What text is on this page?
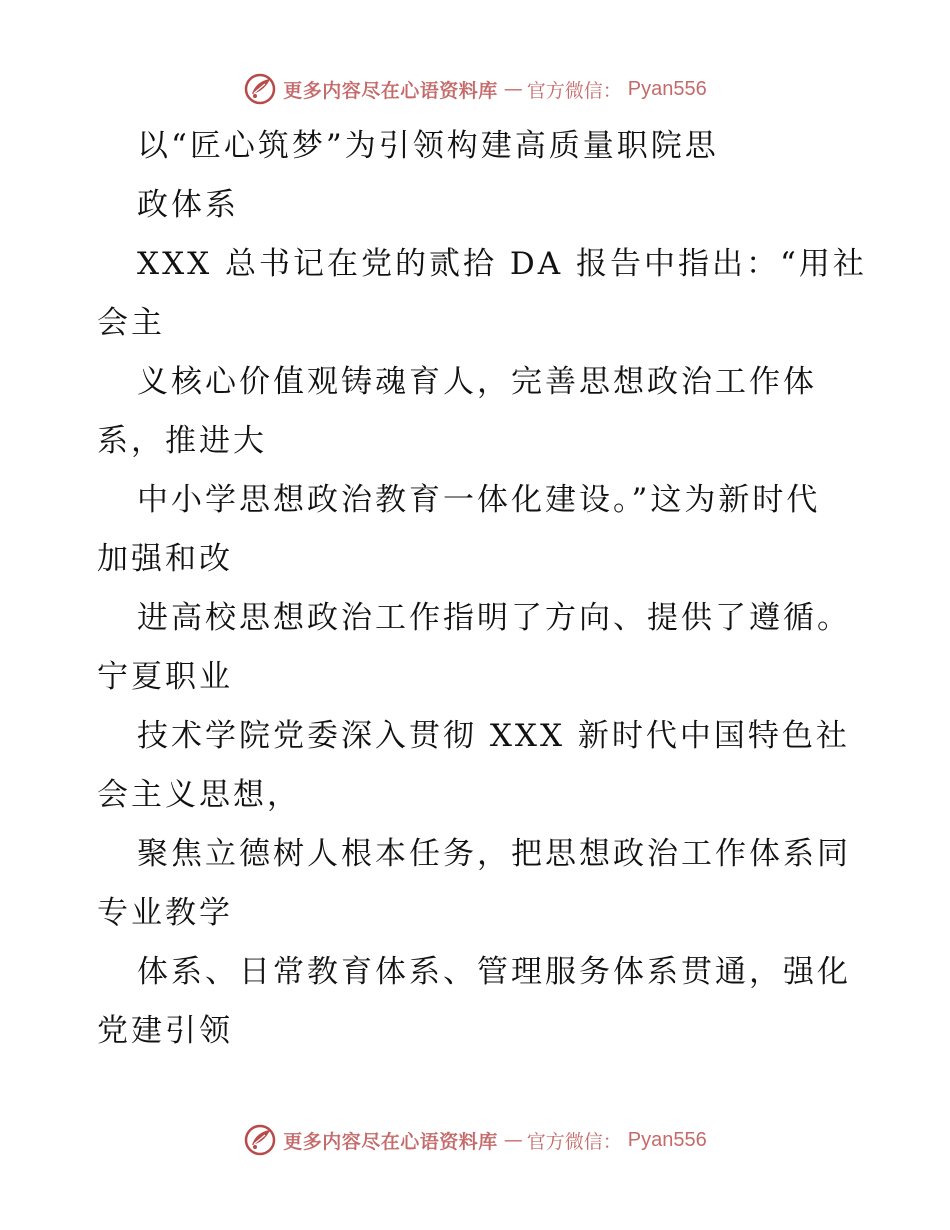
更多内容尽在心语资料库 — 官方微信： Pyan556
以“匠心筑梦”为引领构建高质量职院思
政体系
XXX 总书记在党的贰拾 DA 报告中指出：“用社
会主
义核心价值观铸魂育人，完善思想政治工作体
系，推进大
中小学思想政治教育一体化建设。”这为新时代
加强和改
进高校思想政治工作指明了方向、提供了遵循。
宁夏职业
技术学院党委深入贯彻 XXX 新时代中国特色社
会主义思想，
聚焦立德树人根本任务，把思想政治工作体系同
专业教学
体系、日常教育体系、管理服务体系贯通，强化
党建引领
更多内容尽在心语资料库 — 官方微信： Pyan556
